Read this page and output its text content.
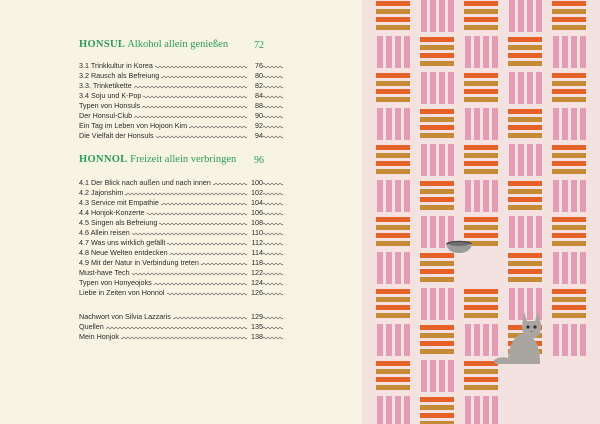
HONSUL Alkohol allein genießen	72
3.1 Trinkkultur in Korea	76
3.2 Rausch als Befreiung	80
3.3. Trinketikette	82
3.4 Soju und K-Pop	84
Typen von Honsuls	88
Der Honsul-Club	90
Ein Tag im Leben von Hojoon Kim	92
Die Vielfalt der Honsuls	94
HONNOL Freizeit allein verbringen	96
4.1 Der Blick nach außen und nach innen	100
4.2 Jajonshim	102
4.3 Service mit Empathie	104
4.4 Honjok-Konzerte	106
4.5 Singen als Befreiung	108
4.6 Allein reisen	110
4.7 Was uns wirklich gefällt	112
4.8 Neue Welten entdecken	114
4.9 Mit der Natur in Verbindung treten	118
Must-have Tech	122
Typen von Honyeojoks	124
Liebe in Zeiten von Honnol	126
Nachwort von Silvia Lazzaris	129
Quellen	135
Mein Honjok	138
